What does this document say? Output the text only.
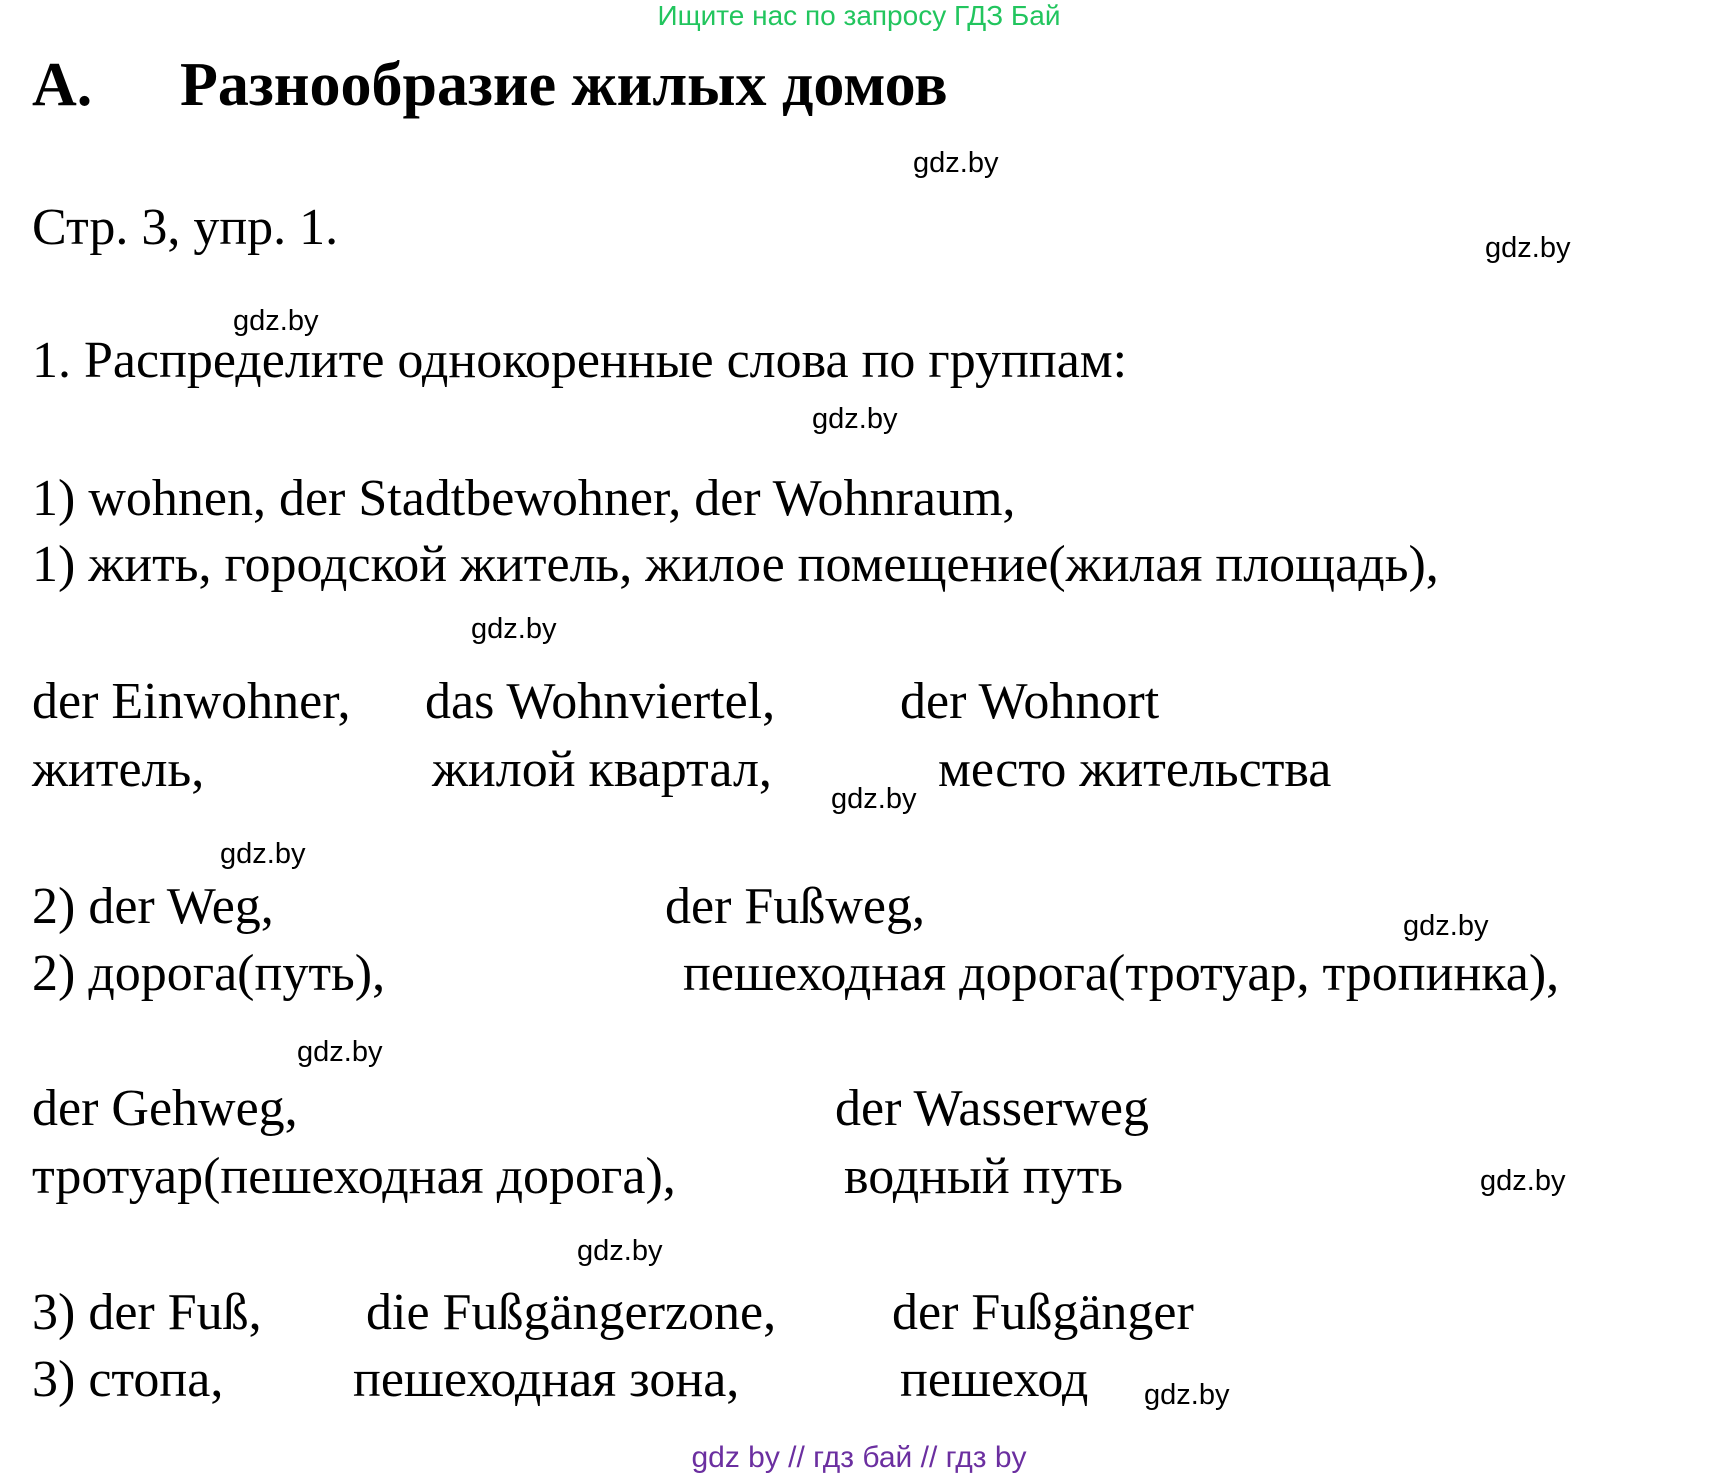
Ищите нас по запросу ГДЗ Бай
A. Разнообразие жилых домов
Стр. 3, упр. 1.
1. Распределите однокоренные слова по группам:
1) wohnen, der Stadtbewohner, der Wohnraum,
1) жить, городской житель, жилое помещение(жилая площадь),
der Einwohner, das Wohnviertel, der Wohnort
житель,	жилой квартал,	место жительства
2) der Weg,	der Fußweg,
2) дорога(путь),	пешеходная дорога(тротуар, тропинка),
der Gehweg,	der Wasserweg
тротуар(пешеходная дорога),	водный путь
3) der Fuß, die Fußgängerzone, der Fußgänger
3) стопа, пешеходная зона,	пешеход
gdz.by
gdz.by
gdz.by
gdz.by
gdz.by
gdz.by
gdz.by
gdz.by
gdz.by
gdz.by
gdz.by
gdz.by
gdz by // гдз бай // гдз by
